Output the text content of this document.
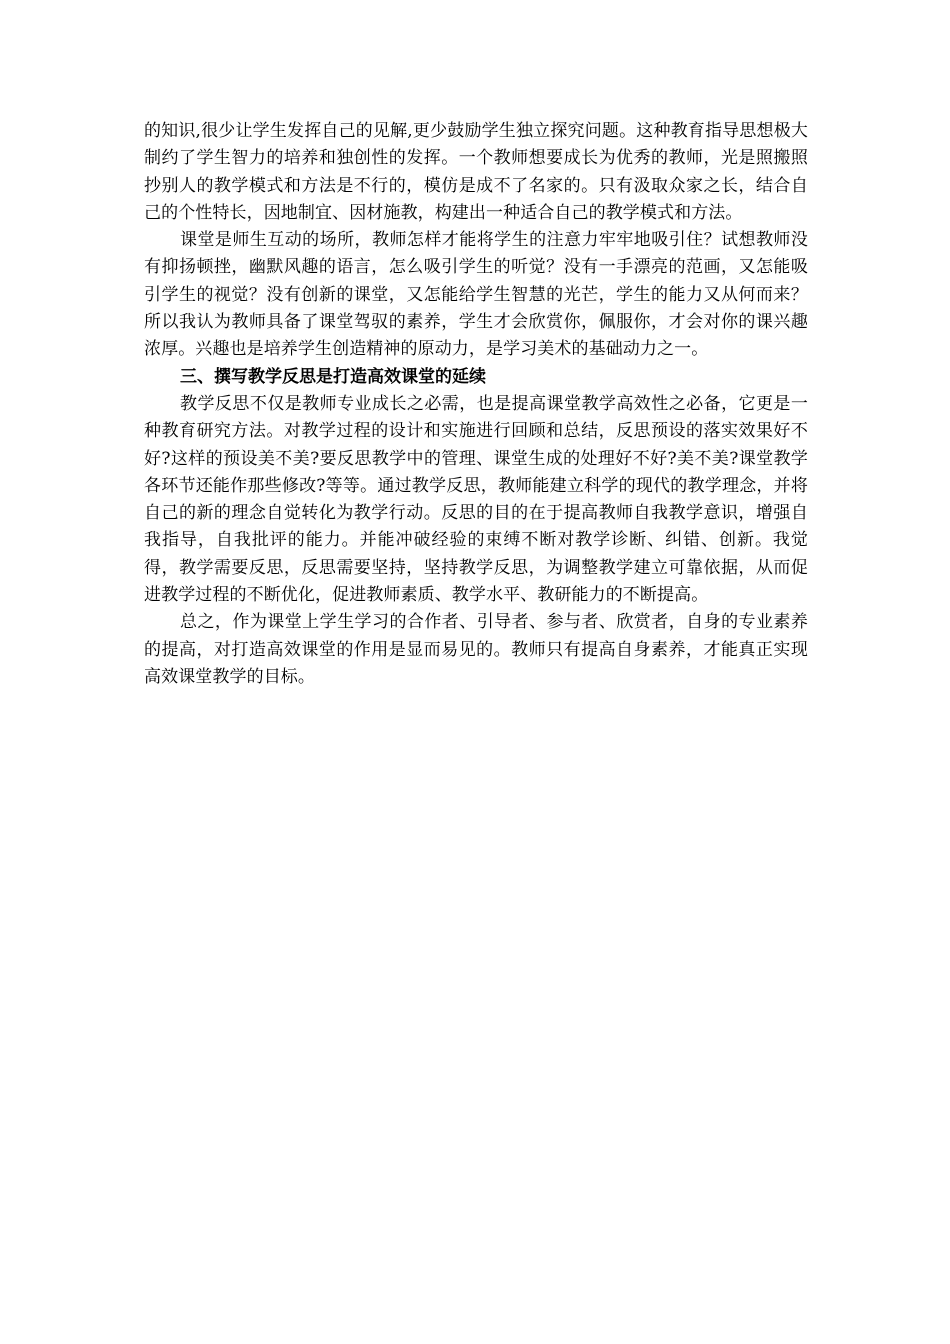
的知识,很少让学生发挥自己的见解,更少鼓励学生独立探究问题。这种教育指导思想极大制约了学生智力的培养和独创性的发挥。一个教师想要成长为优秀的教师，光是照搬照抄别人的教学模式和方法是不行的，模仿是成不了名家的。只有汲取众家之长，结合自己的个性特长，因地制宜、因材施教，构建出一种适合自己的教学模式和方法。

课堂是师生互动的场所，教师怎样才能将学生的注意力牢牢地吸引住？试想教师没有抑扬顿挫，幽默风趣的语言，怎么吸引学生的听觉？没有一手漂亮的范画，又怎能吸引学生的视觉？没有创新的课堂，又怎能给学生智慧的光芒，学生的能力又从何而来？所以我认为教师具备了课堂驾驭的素养，学生才会欣赏你，佩服你，才会对你的课兴趣浓厚。兴趣也是培养学生创造精神的原动力，是学习美术的基础动力之一。

三、撰写教学反思是打造高效课堂的延续

教学反思不仅是教师专业成长之必需，也是提高课堂教学高效性之必备，它更是一种教育研究方法。对教学过程的设计和实施进行回顾和总结，反思预设的落实效果好不好?这样的预设美不美?要反思教学中的管理、课堂生成的处理好不好?美不美?课堂教学各环节还能作那些修改?等等。通过教学反思，教师能建立科学的现代的教学理念，并将自己的新的理念自觉转化为教学行动。反思的目的在于提高教师自我教学意识，增强自我指导，自我批评的能力。并能冲破经验的束缚不断对教学诊断、纠错、创新。我觉得，教学需要反思，反思需要坚持，坚持教学反思，为调整教学建立可靠依据，从而促进教学过程的不断优化，促进教师素质、教学水平、教研能力的不断提高。

总之，作为课堂上学生学习的合作者、引导者、参与者、欣赏者，自身的专业素养的提高，对打造高效课堂的作用是显而易见的。教师只有提高自身素养，才能真正实现高效课堂教学的目标。
